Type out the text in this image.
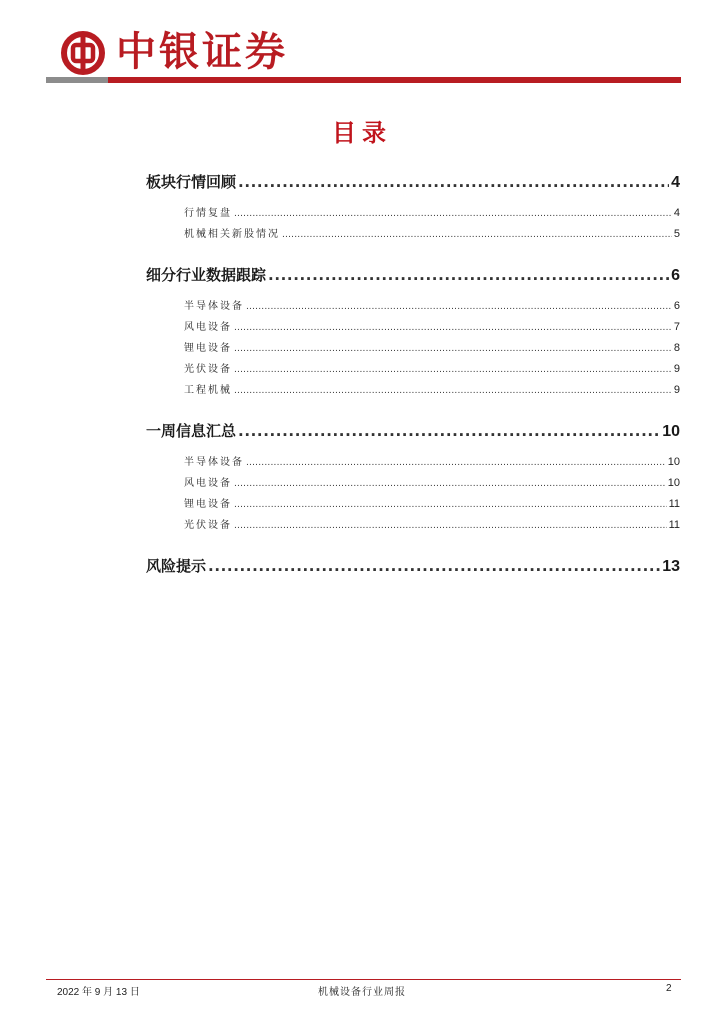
中银证券
目录
板块行情回顾 .....	4
行情复盘 .....	4
机械相关新股情况 .....	5
细分行业数据跟踪 .....	6
半导体设备 .....	6
风电设备 .....	7
锂电设备 .....	8
光伏设备 .....	9
工程机械 .....	9
一周信息汇总 .....	10
半导体设备 .....	10
风电设备 .....	10
锂电设备 .....	11
光伏设备 .....	11
风险提示 .....	13
2022 年 9 月 13 日	机械设备行业周报	2
